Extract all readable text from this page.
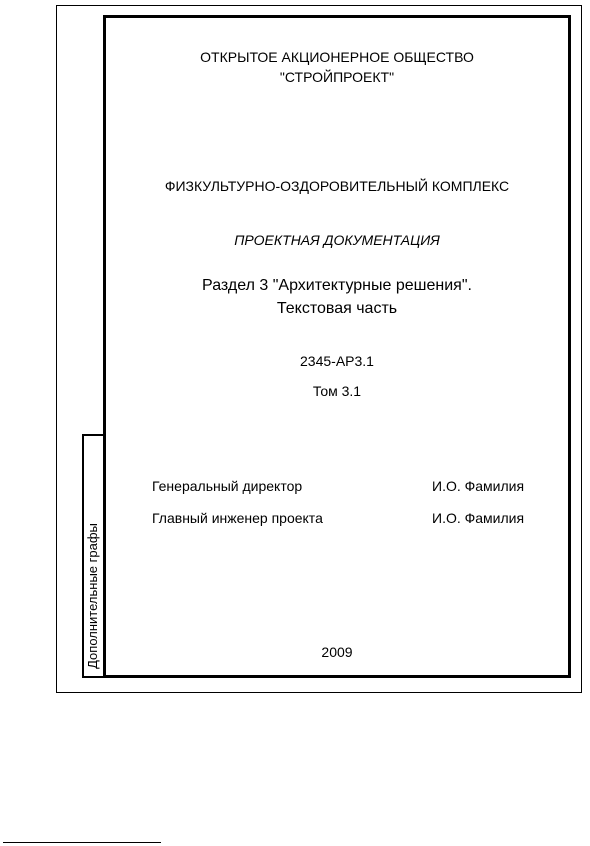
Дополнительные графы
ОТКРЫТОЕ АКЦИОНЕРНОЕ ОБЩЕСТВО
"СТРОЙПРОЕКТ"
ФИЗКУЛЬТУРНО-ОЗДОРОВИТЕЛЬНЫЙ КОМПЛЕКС
ПРОЕКТНАЯ ДОКУМЕНТАЦИЯ
Раздел 3 "Архитектурные решения".
Текстовая часть
2345-АР3.1
Том 3.1
Генеральный директор	И.О. Фамилия
Главный инженер проекта	И.О. Фамилия
2009
